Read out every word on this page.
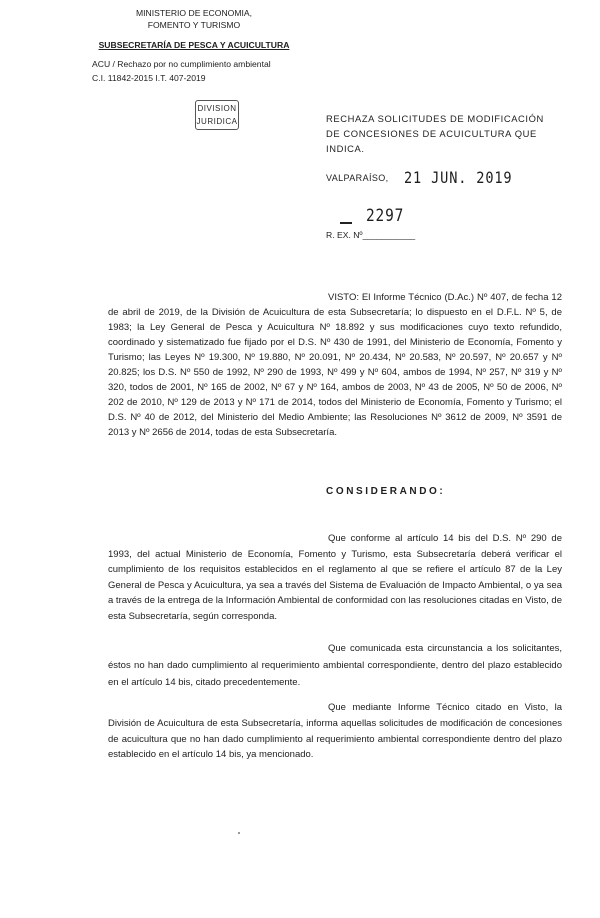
MINISTERIO DE ECONOMIA,
FOMENTO Y TURISMO
SUBSECRETARÍA DE PESCA Y ACUICULTURA
ACU / Rechazo por no cumplimiento ambiental
C.I. 11842-2015 I.T. 407-2019
DIVISION
JURIDICA	RECHAZA SOLICITUDES DE MODIFICACIÓN DE CONCESIONES DE ACUICULTURA QUE INDICA.
VALPARAÍSO, 21 JUN. 2019
2297
R. EX. Nº___________
VISTO: El Informe Técnico (D.Ac.) Nº 407, de fecha 12 de abril de 2019, de la División de Acuicultura de esta Subsecretaría; lo dispuesto en el D.F.L. Nº 5, de 1983; la Ley General de Pesca y Acuicultura Nº 18.892 y sus modificaciones cuyo texto refundido, coordinado y sistematizado fue fijado por el D.S. Nº 430 de 1991, del Ministerio de Economía, Fomento y Turismo; las Leyes Nº 19.300, Nº 19.880, Nº 20.091, Nº 20.434, Nº 20.583, Nº 20.597, Nº 20.657 y Nº 20.825; los D.S. Nº 550 de 1992, Nº 290 de 1993, Nº 499 y Nº 604, ambos de 1994, Nº 257, Nº 319 y Nº 320, todos de 2001, Nº 165 de 2002, Nº 67 y Nº 164, ambos de 2003, Nº 43 de 2005, Nº 50 de 2006, Nº 202 de 2010, Nº 129 de 2013 y Nº 171 de 2014, todos del Ministerio de Economía, Fomento y Turismo; el D.S. Nº 40 de 2012, del Ministerio del Medio Ambiente; las Resoluciones Nº 3612 de 2009, Nº 3591 de 2013 y Nº 2656 de 2014, todas de esta Subsecretaría.
CONSIDERANDO:
Que conforme al artículo 14 bis del D.S. Nº 290 de 1993, del actual Ministerio de Economía, Fomento y Turismo, esta Subsecretaría deberá verificar el cumplimiento de los requisitos establecidos en el reglamento al que se refiere el artículo 87 de la Ley General de Pesca y Acuicultura, ya sea a través del Sistema de Evaluación de Impacto Ambiental, o ya sea a través de la entrega de la Información Ambiental de conformidad con las resoluciones citadas en Visto, de esta Subsecretaría, según corresponda.
Que comunicada esta circunstancia a los solicitantes, éstos no han dado cumplimiento al requerimiento ambiental correspondiente, dentro del plazo establecido en el artículo 14 bis, citado precedentemente.
Que mediante Informe Técnico citado en Visto, la División de Acuicultura de esta Subsecretaría, informa aquellas solicitudes de modificación de concesiones de acuicultura que no han dado cumplimiento al requerimiento ambiental correspondiente dentro del plazo establecido en el artículo 14 bis, ya mencionado.
